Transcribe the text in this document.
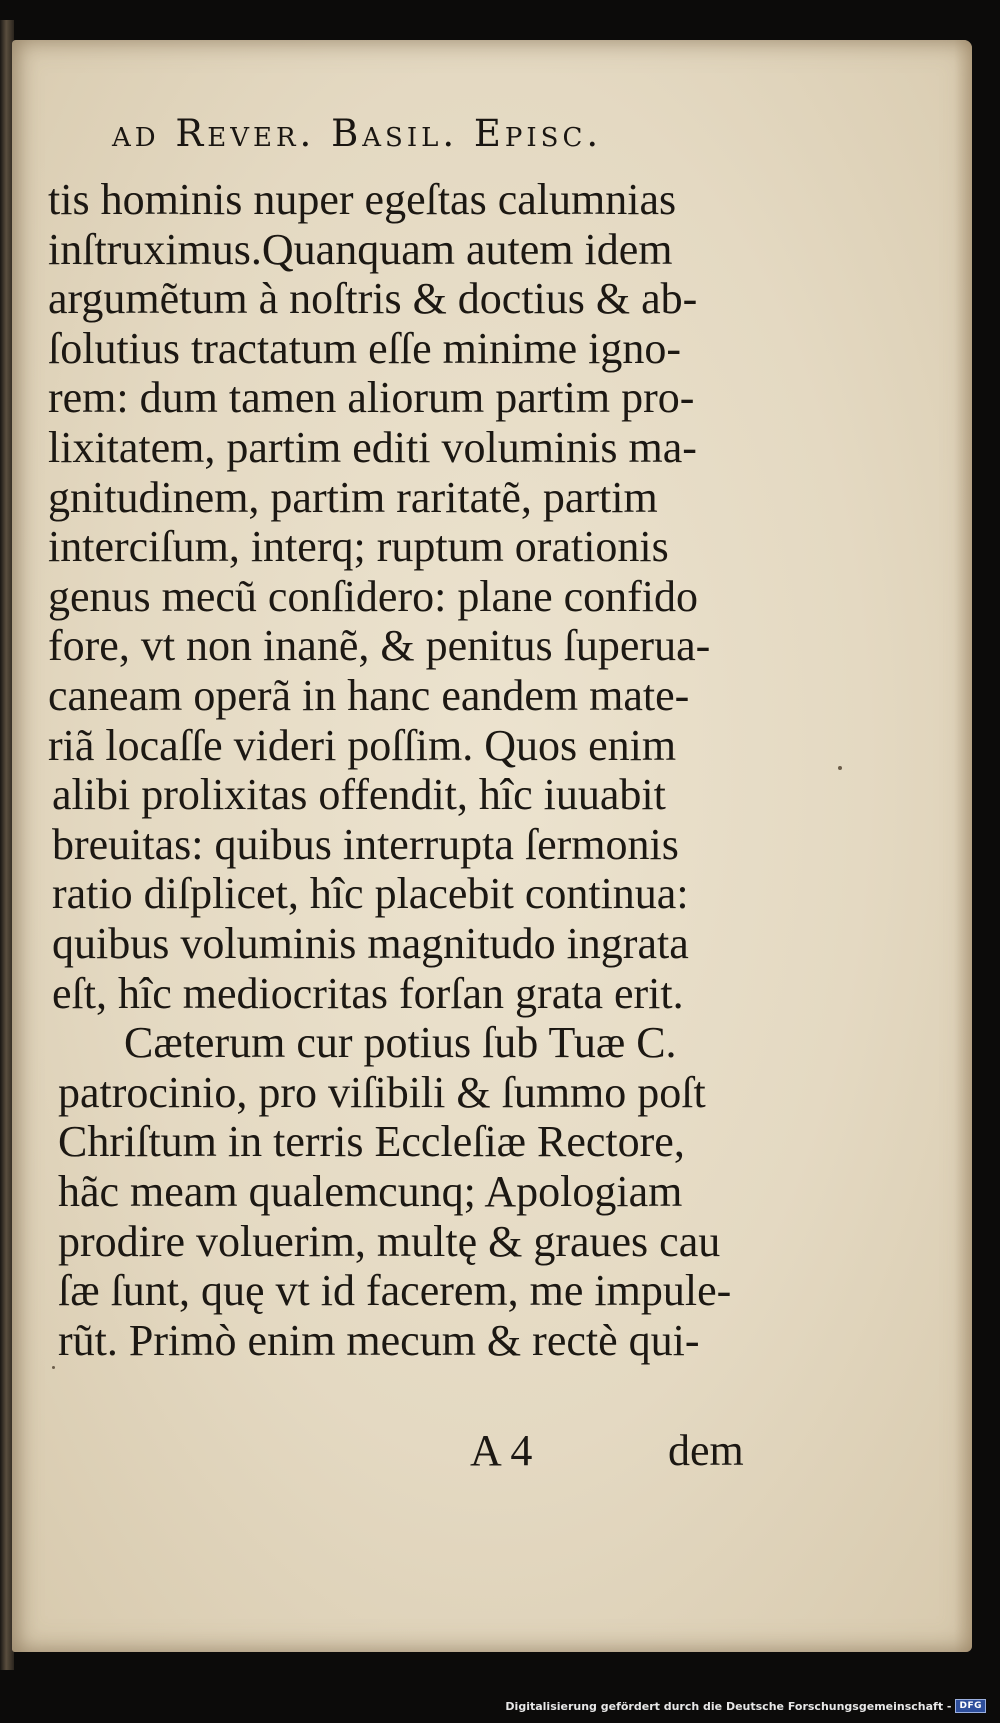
ad Rever. Basil. Episc.
tis hominis nuper egeſtas calumnias
inſtruximus.Quanquam autem idem
argumẽtum à noſtris & doctius & ab-
ſolutius tractatum eſſe minime igno-
rem: dum tamen aliorum partim pro-
lixitatem, partim editi voluminis ma-
gnitudinem, partim raritatẽ, partim
interciſum, interq; ruptum orationis
genus mecũ conſidero: plane confido
fore, vt non inanẽ, & penitus ſuperua-
caneam operã in hanc eandem mate-
riã locaſſe videri poſſim. Quos enim
alibi prolixitas offendit, hîc iuuabit
breuitas: quibus interrupta ſermonis
ratio diſplicet, hîc placebit continua:
quibus voluminis magnitudo ingrata
eſt, hîc mediocritas forſan grata erit.
Cæterum cur potius ſub Tuæ C.
patrocinio, pro viſibili & ſummo poſt
Chriſtum in terris Eccleſiæ Rectore,
hãc meam qualemcunq; Apologiam
prodire voluerim, multę & graues cau
ſæ ſunt, quę vt id facerem, me impule-
rũt. Primò enim mecum & rectè qui-
A 4	dem
Digitalisierung gefördert durch die Deutsche Forschungsgemeinschaft - DFG
